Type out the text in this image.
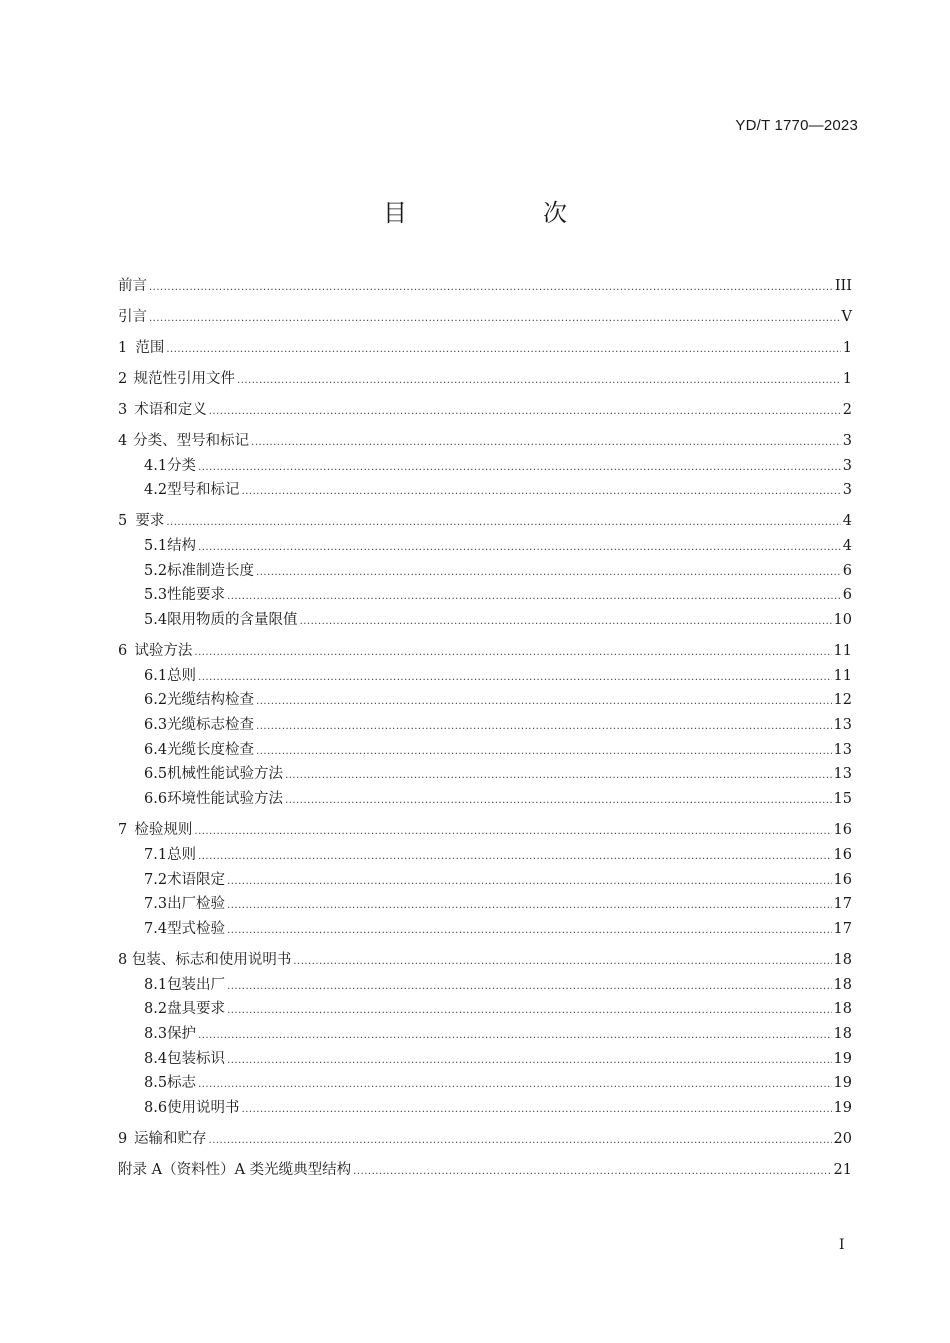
YD/T 1770—2023
目　次
前言 .....	III
引言 .....	V
1 范围 .....	1
2 规范性引用文件 .....	1
3 术语和定义 .....	2
4 分类、型号和标记 .....	3
4.1 分类 .....	3
4.2 型号和标记 .....	3
5 要求 .....	4
5.1 结构 .....	4
5.2 标准制造长度 .....	6
5.3 性能要求 .....	6
5.4 限用物质的含量限值 .....	10
6 试验方法 .....	11
6.1 总则 .....	11
6.2 光缆结构检查 .....	12
6.3 光缆标志检查 .....	13
6.4 光缆长度检查 .....	13
6.5 机械性能试验方法 .....	13
6.6 环境性能试验方法 .....	15
7 检验规则 .....	16
7.1 总则 .....	16
7.2 术语限定 .....	16
7.3 出厂检验 .....	17
7.4 型式检验 .....	17
8 包装、标志和使用说明书 .....	18
8.1 包装出厂 .....	18
8.2 盘具要求 .....	18
8.3 保护 .....	18
8.4 包装标识 .....	19
8.5 标志 .....	19
8.6 使用说明书 .....	19
9 运输和贮存 .....	20
附录 A（资料性）A 类光缆典型结构 .....	21
I
